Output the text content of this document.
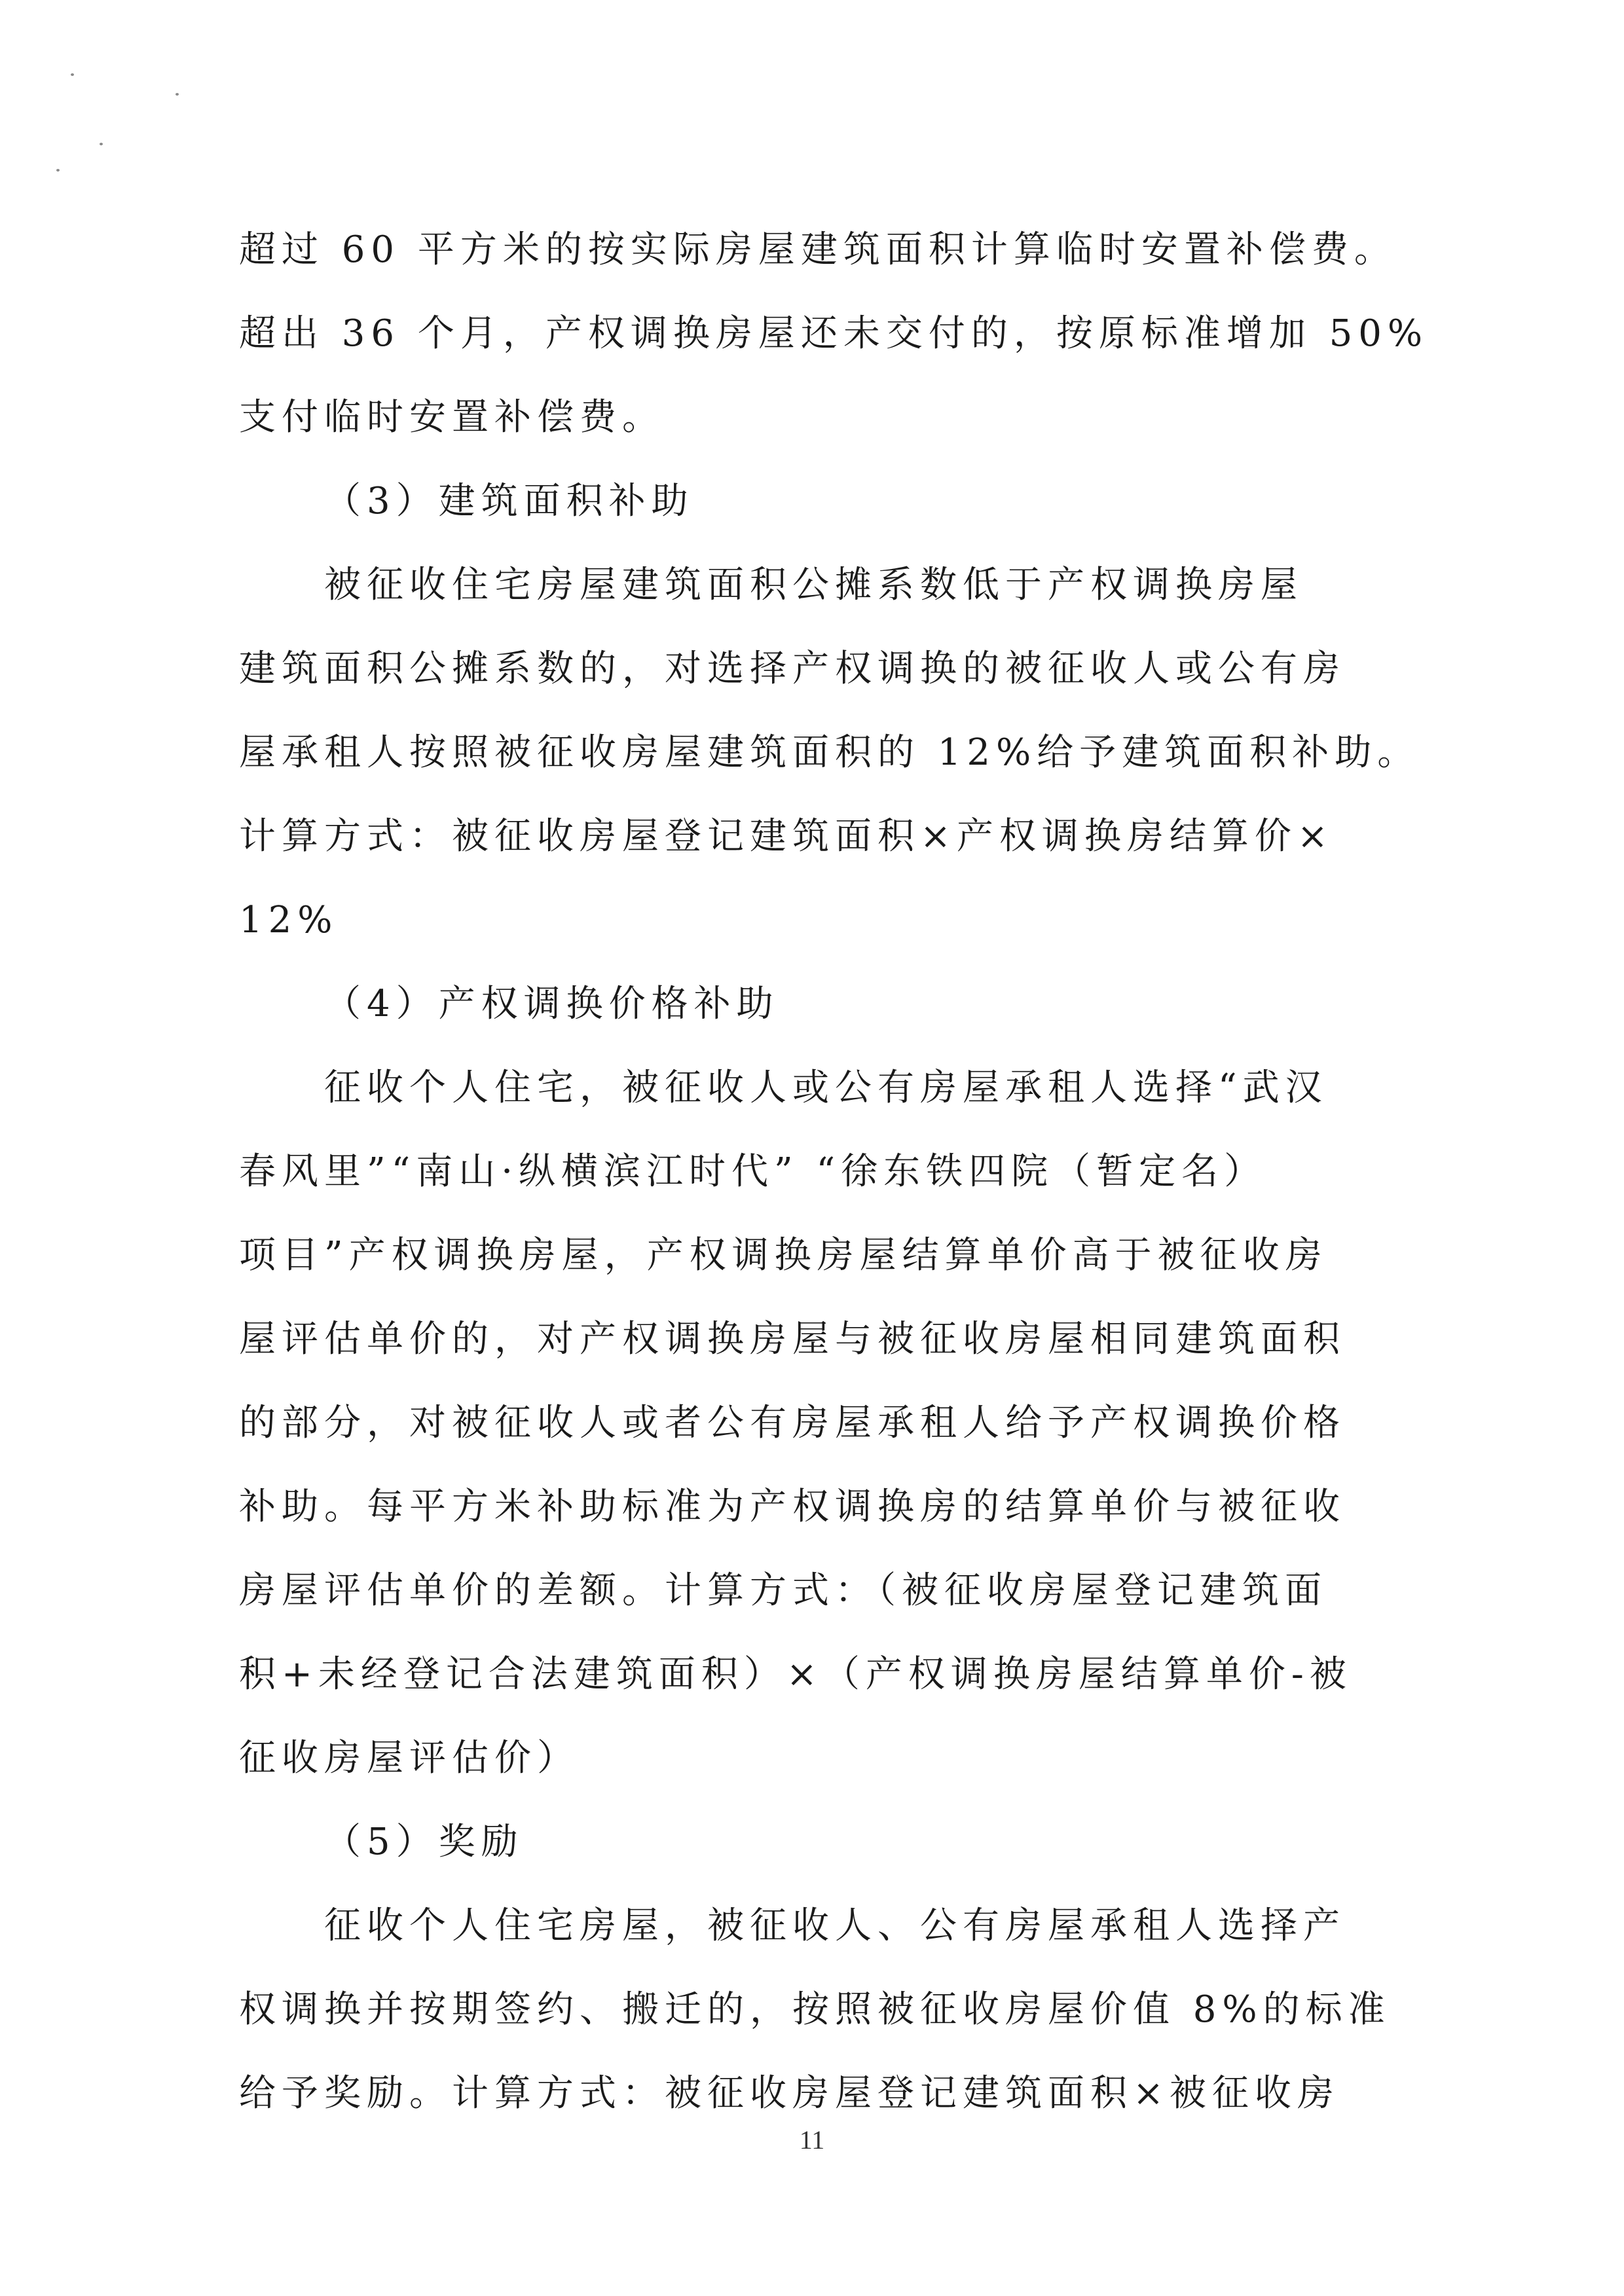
超过 60 平方米的按实际房屋建筑面积计算临时安置补偿费。
超出 36 个月，产权调换房屋还未交付的，按原标准增加 50%
支付临时安置补偿费。
（3）建筑面积补助
被征收住宅房屋建筑面积公摊系数低于产权调换房屋
建筑面积公摊系数的，对选择产权调换的被征收人或公有房
屋承租人按照被征收房屋建筑面积的 12%给予建筑面积补助。
计算方式：被征收房屋登记建筑面积×产权调换房结算价×
12%
（4）产权调换价格补助
征收个人住宅，被征收人或公有房屋承租人选择“武汉
春风里”“南山·纵横滨江时代” “徐东铁四院（暂定名）
项目”产权调换房屋，产权调换房屋结算单价高于被征收房
屋评估单价的，对产权调换房屋与被征收房屋相同建筑面积
的部分，对被征收人或者公有房屋承租人给予产权调换价格
补助。每平方米补助标准为产权调换房的结算单价与被征收
房屋评估单价的差额。计算方式：（被征收房屋登记建筑面
积+未经登记合法建筑面积）×（产权调换房屋结算单价-被
征收房屋评估价）
（5）奖励
征收个人住宅房屋，被征收人、公有房屋承租人选择产
权调换并按期签约、搬迁的，按照被征收房屋价值 8%的标准
给予奖励。计算方式：被征收房屋登记建筑面积×被征收房
11
